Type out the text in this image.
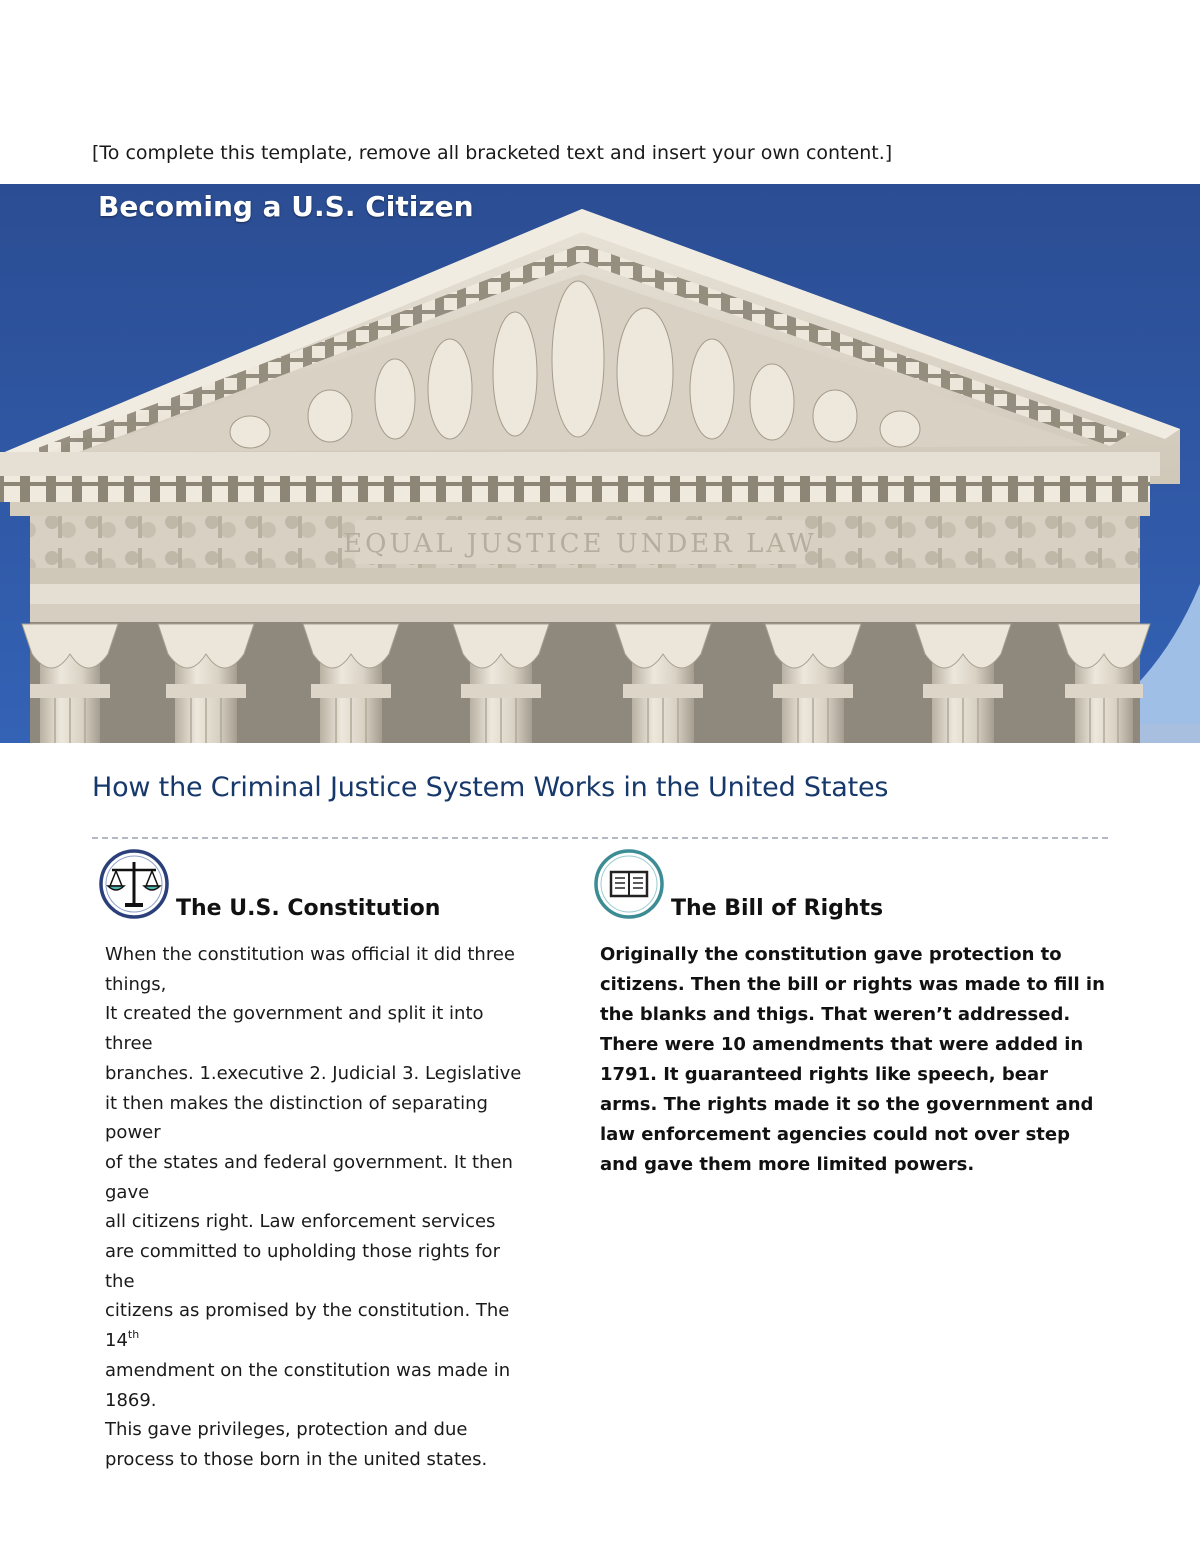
[To complete this template, remove all bracketed text and insert your own content.]
EQUAL JUSTICE UNDER LAW
Becoming a U.S. Citizen
How the Criminal Justice System Works in the United States
The U.S. Constitution	The Bill of Rights
When the constitution was official it did three
things,
It created the government and split it into
three
branches. 1.executive 2. Judicial 3. Legislative
it then makes the distinction of separating
power
of the states and federal government. It then
gave
all citizens right. Law enforcement services
are committed to upholding those rights for
the
citizens as promised by the constitution. The
14th
amendment on the constitution was made in
1869.
This gave privileges, protection and due
process to those born in the united states.
Originally the constitution gave protection to
citizens. Then the bill or rights was made to fill in
the blanks and thigs. That weren’t addressed.
There were 10 amendments that were added in
1791. It guaranteed rights like speech, bear
arms. The rights made it so the government and
law enforcement agencies could not over step
and gave them more limited powers.
